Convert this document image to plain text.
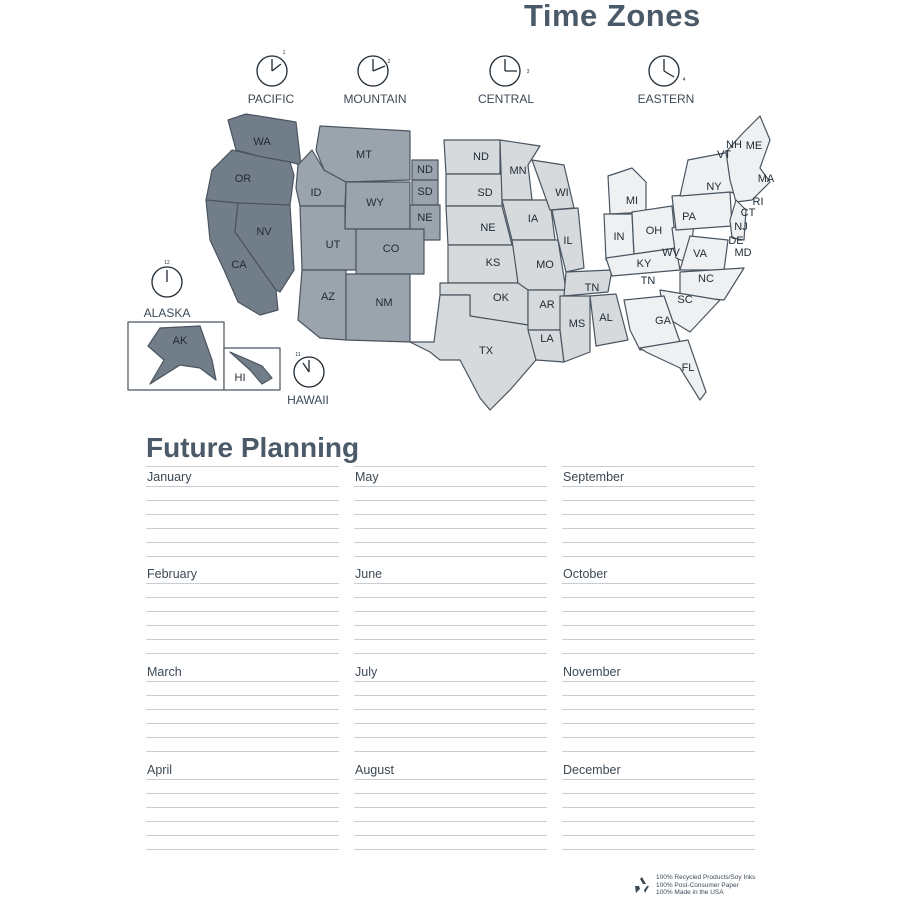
Time Zones
WA
OR
NV
CA
ID
MT
WY
UT	CO
AZ	NM
ND
SD
NE
ND
SD
NE
KS
OK
TX
MN
IA
MO
AR
LA
WI
IL
TN
MS AL
MI
IN OH
KY
WV VA
PA
NY
NC
SC
GA
FL
TN
VT
NH ME
MA
RI
CT
NJ
DE
MD
AK
HI
1
2
3
4
12
11
PACIFIC	MOUNTAIN	CENTRAL	EASTERN
ALASKA
HAWAII
Future Planning
January
February
March
April
May
June
July
August
September
October
November
December
100% Recycled Products/Soy Inks
100% Post-Consumer Paper
100% Made in the USA
